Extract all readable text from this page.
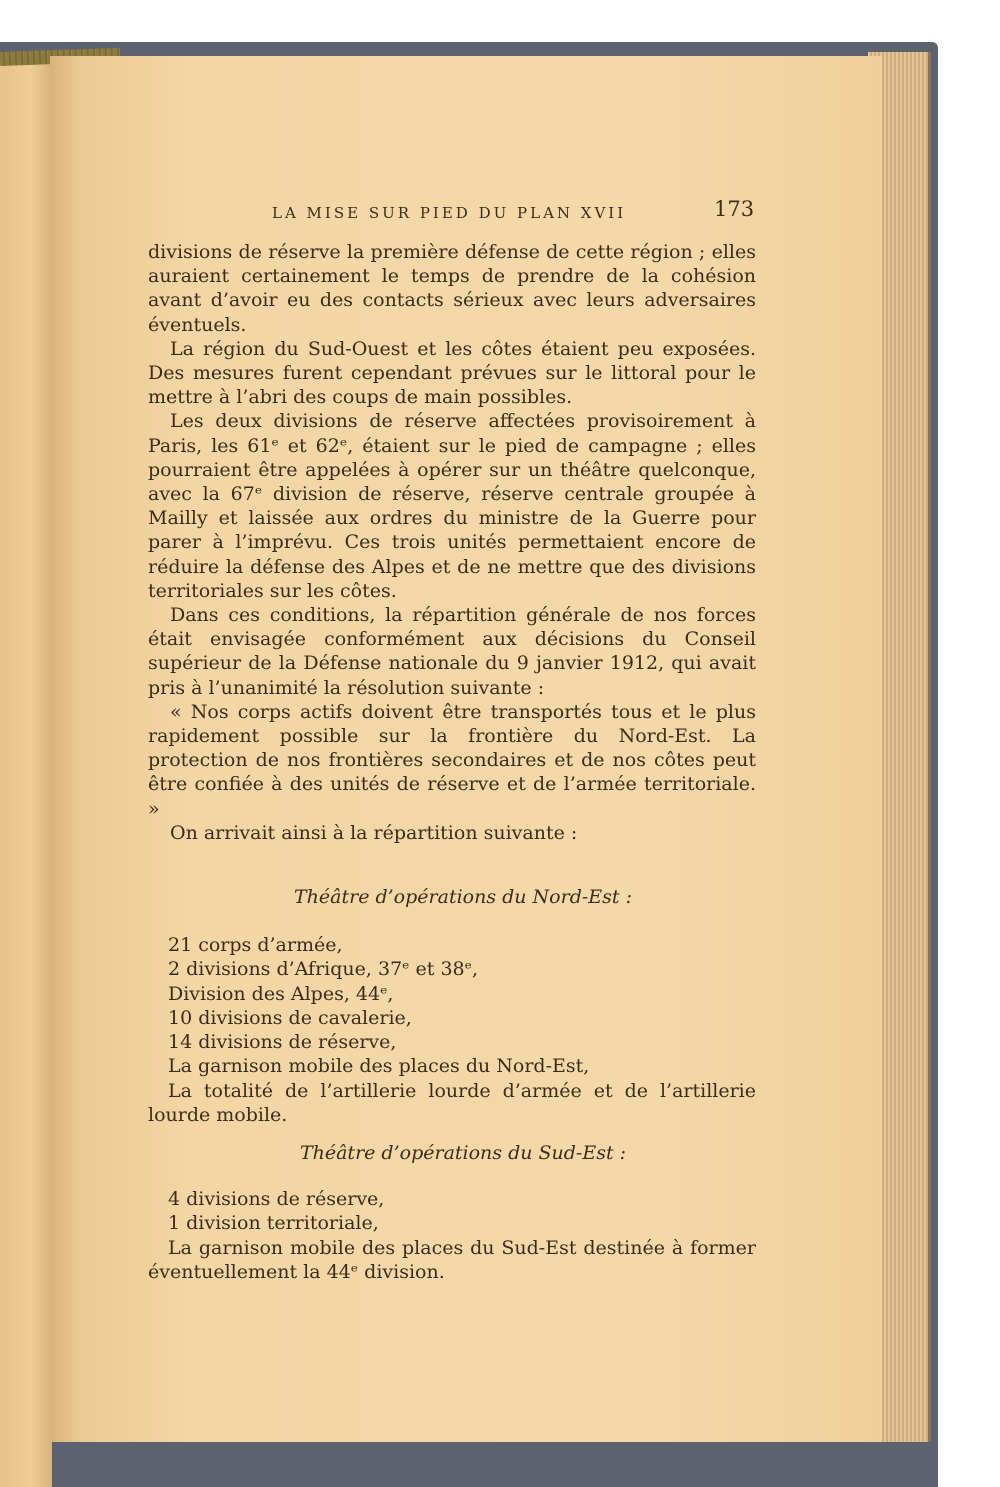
LA MISE SUR PIED DU PLAN XVII	173

divisions de réserve la première défense de cette région ; elles auraient certainement le temps de prendre de la cohésion avant d’avoir eu des contacts sérieux avec leurs adversaires éventuels.

La région du Sud-Ouest et les côtes étaient peu exposées. Des mesures furent cependant prévues sur le littoral pour le mettre à l’abri des coups de main possibles.

Les deux divisions de réserve affectées provisoirement à Paris, les 61ᵉ et 62ᵉ, étaient sur le pied de campagne ; elles pourraient être appelées à opérer sur un théâtre quelconque, avec la 67ᵉ division de réserve, réserve centrale groupée à Mailly et laissée aux ordres du ministre de la Guerre pour parer à l’imprévu. Ces trois unités permettaient encore de réduire la défense des Alpes et de ne mettre que des divisions territoriales sur les côtes.

Dans ces conditions, la répartition générale de nos forces était envisagée conformément aux décisions du Conseil supérieur de la Défense nationale du 9 janvier 1912, qui avait pris à l’unanimité la résolution suivante :

« Nos corps actifs doivent être transportés tous et le plus rapidement possible sur la frontière du Nord-Est. La protection de nos frontières secondaires et de nos côtes peut être confiée à des unités de réserve et de l’armée territoriale. »

On arrivait ainsi à la répartition suivante :

Théâtre d’opérations du Nord-Est :

21 corps d’armée,
2 divisions d’Afrique, 37ᵉ et 38ᵉ,
Division des Alpes, 44ᵉ,
10 divisions de cavalerie,
14 divisions de réserve,
La garnison mobile des places du Nord-Est,
La totalité de l’artillerie lourde d’armée et de l’artillerie lourde mobile.

Théâtre d’opérations du Sud-Est :

4 divisions de réserve,
1 division territoriale,
La garnison mobile des places du Sud-Est destinée à former éventuellement la 44ᵉ division.
